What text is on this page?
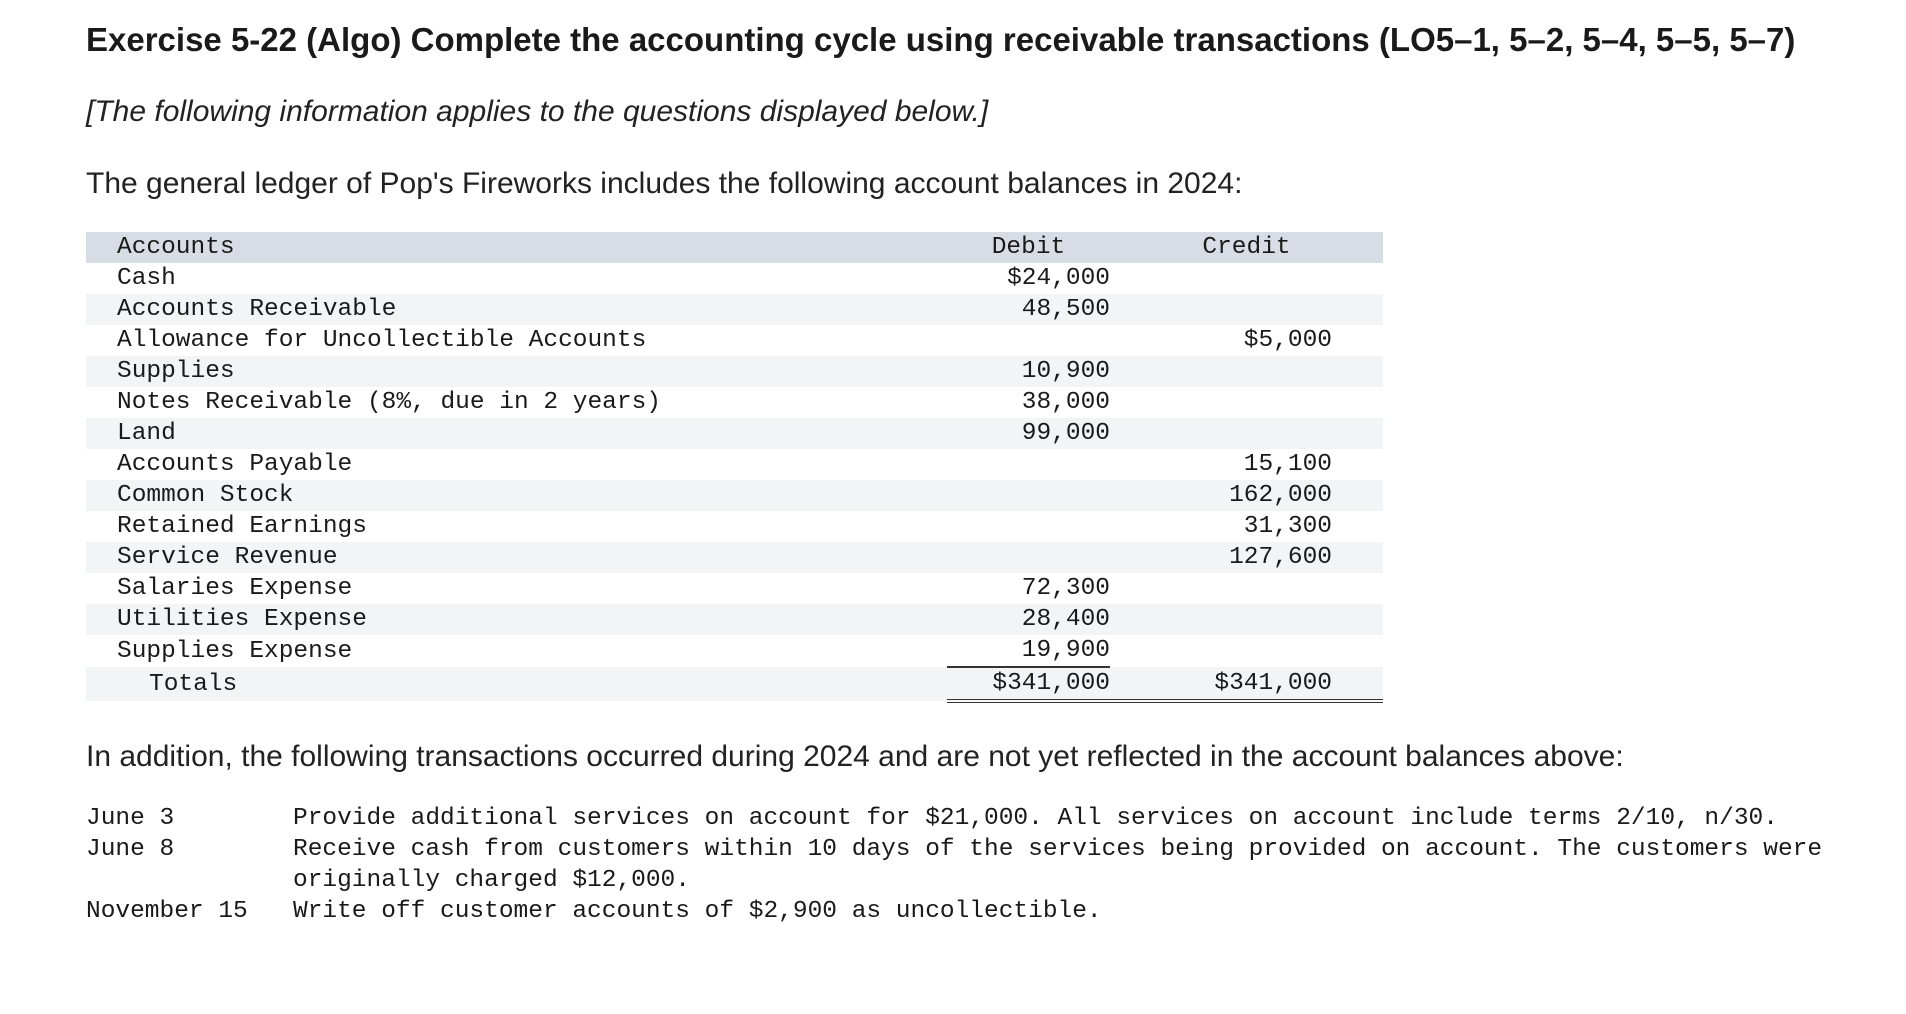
Exercise 5-22 (Algo) Complete the accounting cycle using receivable transactions (LO5–1, 5–2, 5–4, 5–5, 5–7)
[The following information applies to the questions displayed below.]
The general ledger of Pop's Fireworks includes the following account balances in 2024:
Accounts	Debit	Credit
Cash	$24,000	
Accounts Receivable	48,500	
Allowance for Uncollectible Accounts		$5,000
Supplies	10,900	
Notes Receivable (8%, due in 2 years)	38,000	
Land	99,000	
Accounts Payable		15,100
Common Stock		162,000
Retained Earnings		31,300
Service Revenue		127,600
Salaries Expense	72,300	
Utilities Expense	28,400	
Supplies Expense	19,900	
Totals	$341,000	$341,000
In addition, the following transactions occurred during 2024 and are not yet reflected in the account balances above:
June 3	Provide additional services on account for $21,000. All services on account include terms 2/10, n/30.
June 8	Receive cash from customers within 10 days of the services being provided on account. The customers were originally charged $12,000.
November 15	Write off customer accounts of $2,900 as uncollectible.
